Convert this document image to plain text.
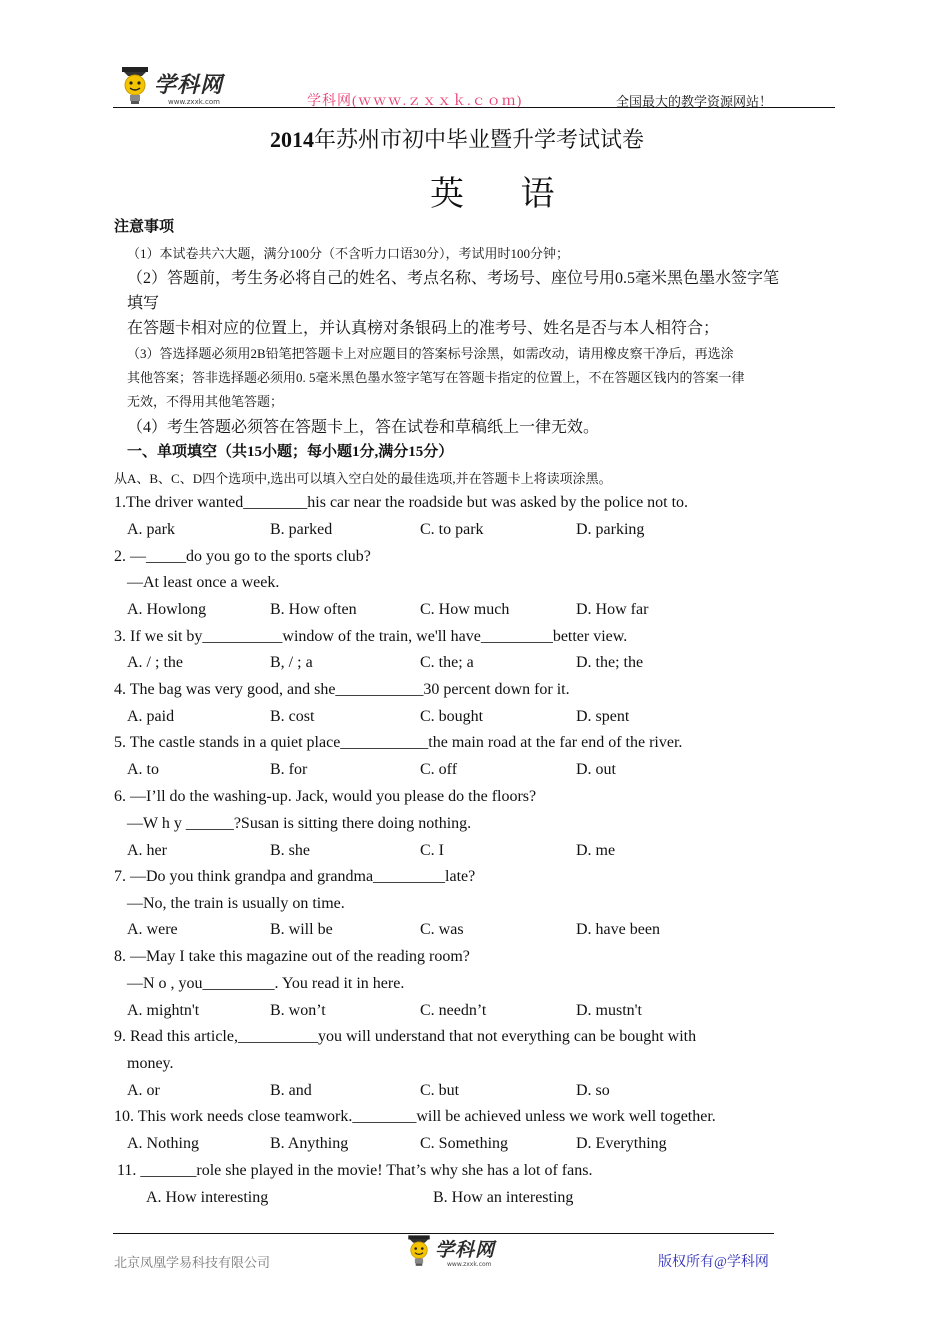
学科网
www.zxxk.com	学科网(ｗｗｗ.ｚｘｘｋ.ｃｏｍ)	全国最大的教学资源网站！
2014年苏州市初中毕业暨升学考试试卷
英 语
注意事项
（1）本试卷共六大题，满分100分（不含听力口语30分），考试用时100分钟；
（2）答题前，考生务必将自己的姓名、考点名称、考场号、座位号用0.5毫米黑色墨水签字笔
填写
在答题卡相对应的位置上，并认真榜对条银码上的准考号、姓名是否与本人相符合；
（3）答选择题必须用2B铅笔把答题卡上对应题目的答案标号涂黑，如需改动，请用橡皮察干净后，再选涂
其他答案；答非选择题必须用0. 5毫米黑色墨水签字笔写在答题卡指定的位置上，不在答题区钱内的答案一律
无效，不得用其他笔答题；
（4）考生答题必须答在答题卡上，答在试卷和草稿纸上一律无效。
一、单项填空（共15小题；每小题1分,满分15分）
从A、B、C、D四个选项中,选出可以填入空白处的最佳选项,并在答题卡上将读项涂黑。
1.The driver wanted________his car near the roadside but was asked by the police not to.
A. park	B. parked	C. to park	D. parking
2. —_____do you go to the sports club?
—At least once a week.
A. Howlong	B. How often	C. How much	D. How far
3. If we sit by__________window of the train, we'll have_________better view.
A. / ; the	B, / ; a	C. the; a	D. the; the
4. The bag was very good, and she___________30 percent down for it.
A. paid	B. cost	C. bought	D. spent
5. The castle stands in a quiet place___________the main road at the far end of the river.
A. to	B. for	C. off	D. out
6. —I’ll do the washing-up. Jack, would you please do the floors?
—W h y ______?Susan is sitting there doing nothing.
A. her	B. she	C. I	D. me
7. —Do you think grandpa and grandma_________late?
—No, the train is usually on time.
A. were	B. will be	C. was	D. have been
8. —May I take this magazine out of the reading room?
—N o , you_________. You read it in here.
A. mightn't	B. won’t	C. needn’t	D. mustn't
9. Read this article,__________you will understand that not everything can be bought with
money.
A. or	B. and	C. but	D. so
10. This work needs close teamwork.________will be achieved unless we work well together.
A. Nothing	B. Anything	C. Something	D. Everything
11. _______role she played in the movie! That’s why she has a lot of fans.
A. How interesting	B. How an interesting
北京凤凰学易科技有限公司
学科网
www.zxxk.com	版权所有@学科网
